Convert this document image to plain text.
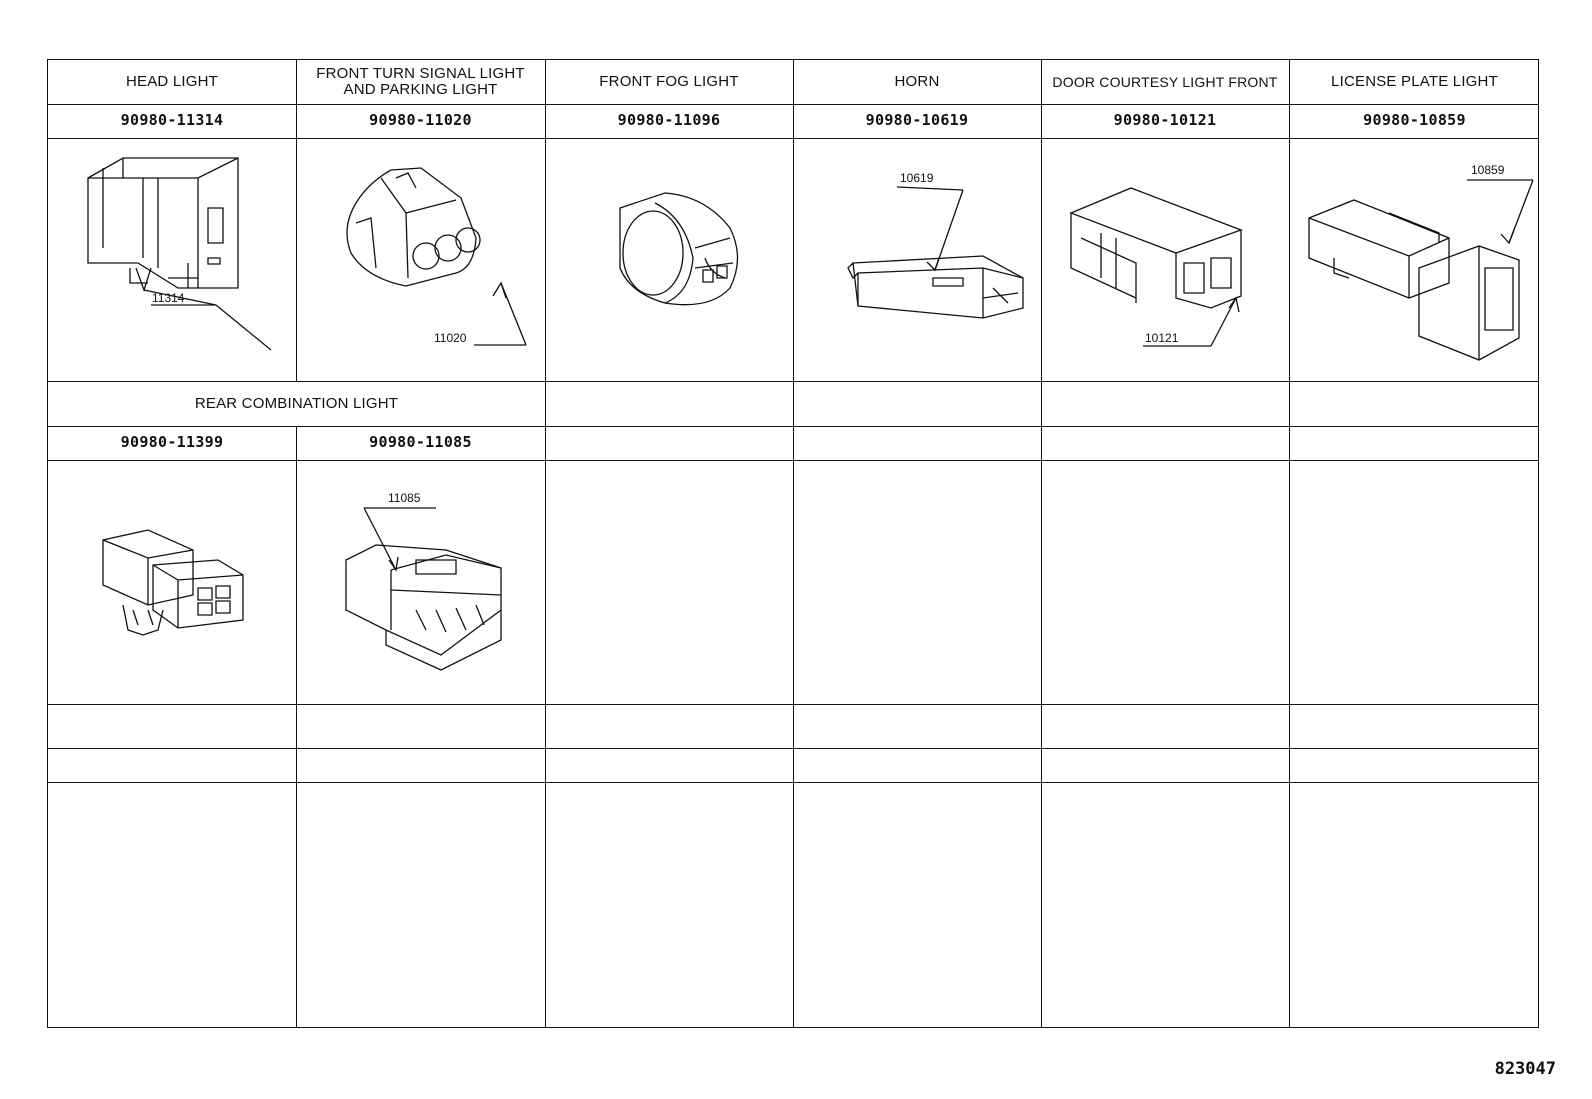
HEAD LIGHT	FRONT TURN SIGNAL LIGHT
AND PARKING LIGHT	FRONT FOG LIGHT	HORN	DOOR COURTESY LIGHT FRONT	LICENSE PLATE LIGHT
90980-11314	90980-11020	90980-11096	90980-10619	90980-10121	90980-10859
11314
11020
10619
10121
10859
REAR COMBINATION LIGHT
90980-11399	90980-11085
11085
823047
